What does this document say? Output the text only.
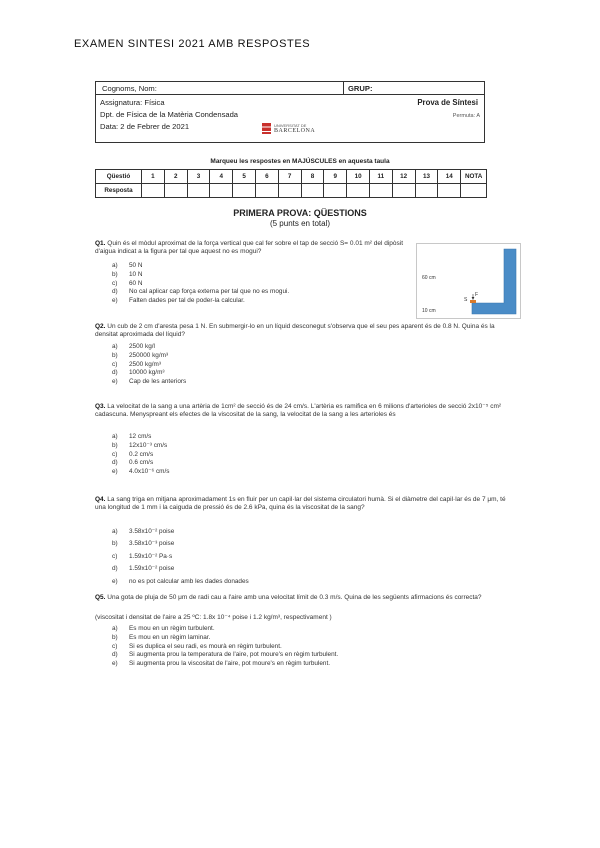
EXAMEN SINTESI 2021 AMB RESPOSTES
Cognoms, Nom:	GRUP:
Assignatura: Física
Dpt. de Física de la Matèria Condensada
Data: 2 de Febrer de 2021
Prova de Síntesi
Permuta: A
UNIVERSITAT DE
BARCELONA
Marqueu les respostes en MAJÚSCULES en aquesta taula
Qüestió	1	2	3	4	5	6	7	8	9	10	11	12	13	14	NOTA
Resposta															
PRIMERA PROVA: QÜESTIONS
(5 punts en total)
Q1. Quin és el mòdul aproximat de la força vertical que cal fer sobre el tap de secció S= 0.01 m² del dipòsit d'aigua indicat a la figura per tal que aquest no es mogui?
a) 50 N
b) 10 N
c) 60 N
d) No cal aplicar cap força externa per tal que no es mogui.
e) Falten dades per tal de poder-la calcular.
60 cm
10 cm
S
F
Q2. Un cub de 2 cm d'aresta pesa 1 N. En submergir-lo en un líquid desconegut s'observa que el seu pes aparent és de 0.8 N. Quina és la densitat aproximada del líquid?
a) 2500 kg/l
b) 250000 kg/m³
c) 2500 kg/m³
d) 10000 kg/m³
e) Cap de les anteriors
Q3. La velocitat de la sang a una artèria de 1cm² de secció és de 24 cm/s. L'artèria es ramifica en 6 milions d'arterioles de secció 2x10⁻⁵ cm² cadascuna. Menyspreant els efectes de la viscositat de la sang, la velocitat de la sang a les arterioles és
a) 12 cm/s
b) 12x10⁻³ cm/s
c) 0.2 cm/s
d) 0.6 cm/s
e) 4.0x10⁻⁶ cm/s
Q4. La sang triga en mitjana aproximadament 1s en fluir per un capil·lar del sistema circulatori humà. Si el diàmetre del capil·lar és de 7 μm, té una longitud de 1 mm i la caiguda de pressió és de 2.6 kPa, quina és la viscositat de la sang?
a) 3.58x10⁻² poise
b) 3.58x10⁻³ poise
c) 1.59x10⁻² Pa·s
d) 1.59x10⁻² poise
e) no es pot calcular amb les dades donades
Q5. Una gota de pluja de 50 μm de radi cau a l'aire amb una velocitat límit de 0.3 m/s. Quina de les següents afirmacions és correcta?
(viscositat i densitat de l'aire a 25 ºC: 1.8x 10⁻⁴ poise i 1.2 kg/m³, respectivament )
a) Es mou en un règim turbulent.
b) Es mou en un règim laminar.
c) Si es duplica el seu radi, es mourà en règim turbulent.
d) Si augmenta prou la temperatura de l'aire, pot moure's en règim turbulent.
e) Si augmenta prou la viscositat de l'aire, pot moure's en règim turbulent.
